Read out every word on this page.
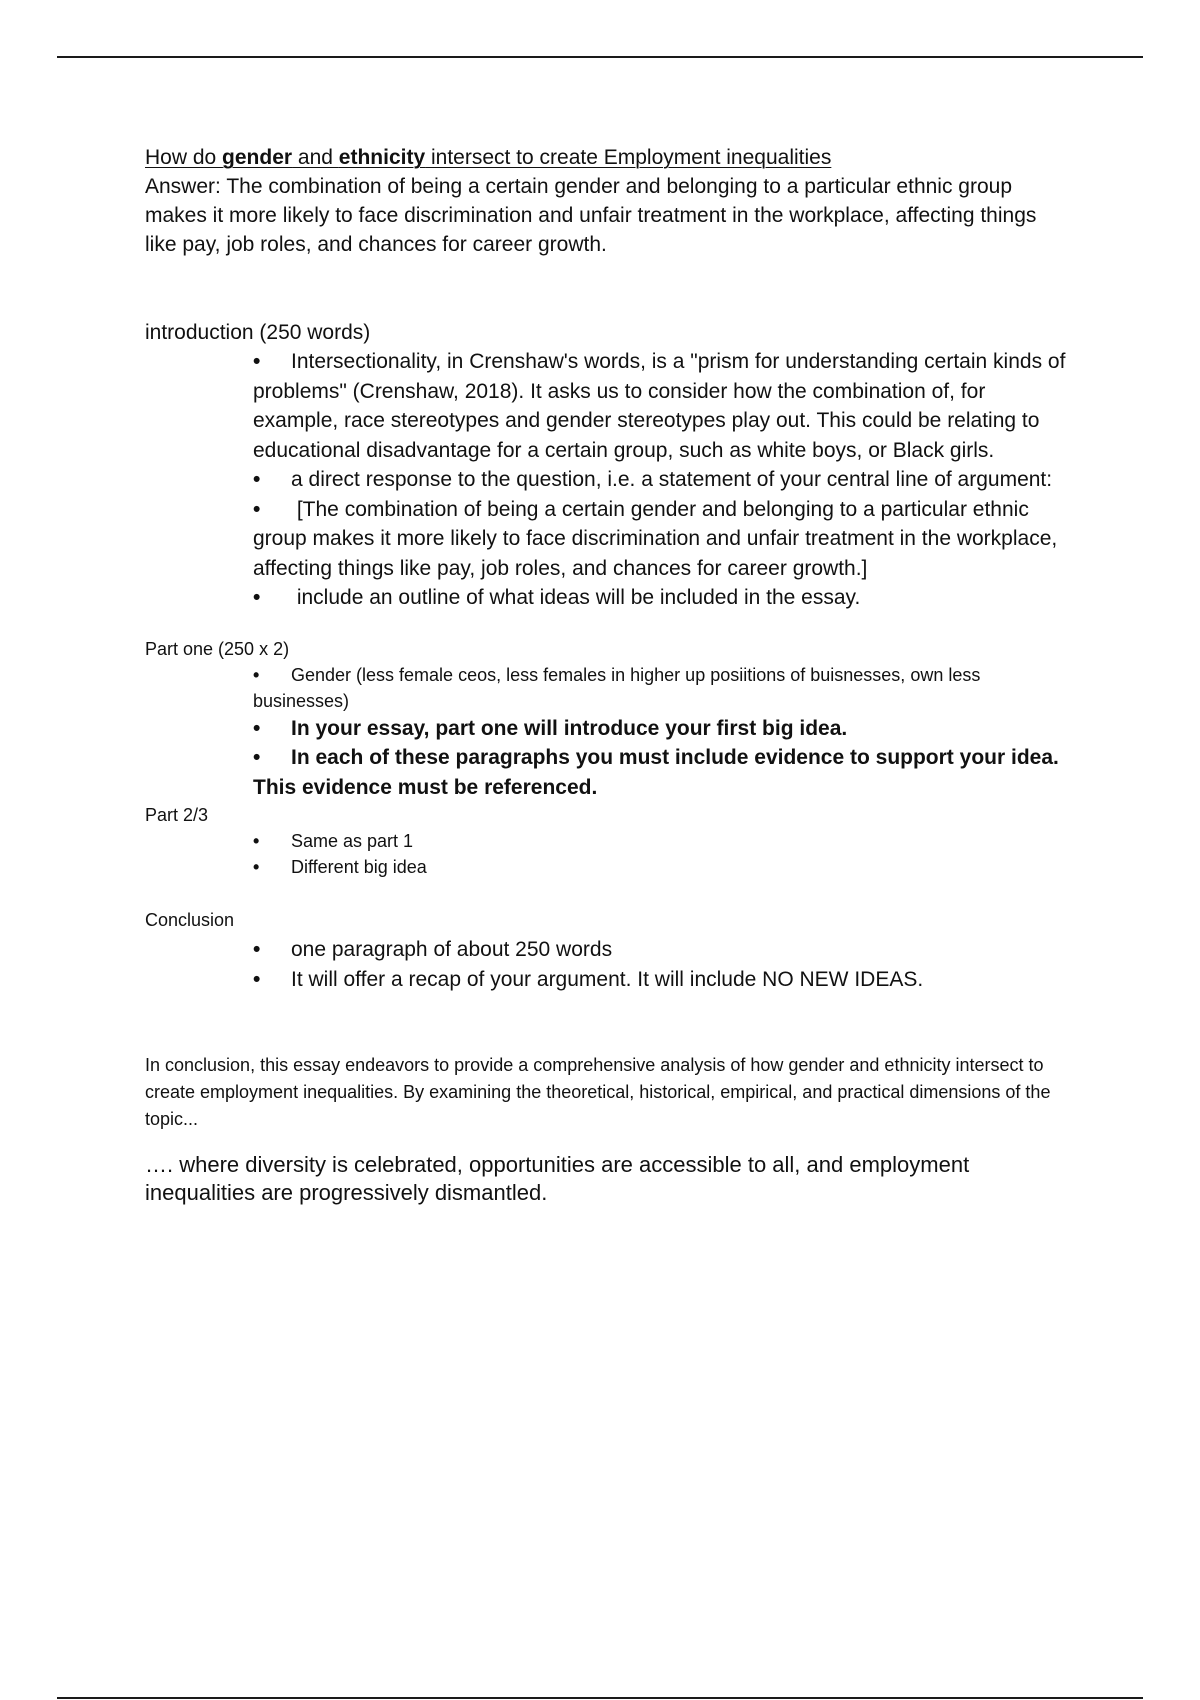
How do gender and ethnicity intersect to create Employment inequalities

Answer: The combination of being a certain gender and belonging to a particular ethnic group makes it more likely to face discrimination and unfair treatment in the workplace, affecting things like pay, job roles, and chances for career growth.

introduction (250 words)
• Intersectionality, in Crenshaw's words, is a "prism for understanding certain kinds of problems" (Crenshaw, 2018). It asks us to consider how the combination of, for example, race stereotypes and gender stereotypes play out. This could be relating to educational disadvantage for a certain group, such as white boys, or Black girls.
• a direct response to the question, i.e. a statement of your central line of argument:
• [The combination of being a certain gender and belonging to a particular ethnic group makes it more likely to face discrimination and unfair treatment in the workplace, affecting things like pay, job roles, and chances for career growth.]
• include an outline of what ideas will be included in the essay.
Part one (250 x 2)
• Gender (less female ceos, less females in higher up posiitions of buisnesses, own less businesses)
• In your essay, part one will introduce your first big idea.
• In each of these paragraphs you must include evidence to support your idea. This evidence must be referenced.
Part 2/3
• Same as part 1
• Different big idea
Conclusion
• one paragraph of about 250 words
• It will offer a recap of your argument. It will include NO NEW IDEAS.

In conclusion, this essay endeavors to provide a comprehensive analysis of how gender and ethnicity intersect to create employment inequalities. By examining the theoretical, historical, empirical, and practical dimensions of the topic...

…. where diversity is celebrated, opportunities are accessible to all, and employment inequalities are progressively dismantled.
